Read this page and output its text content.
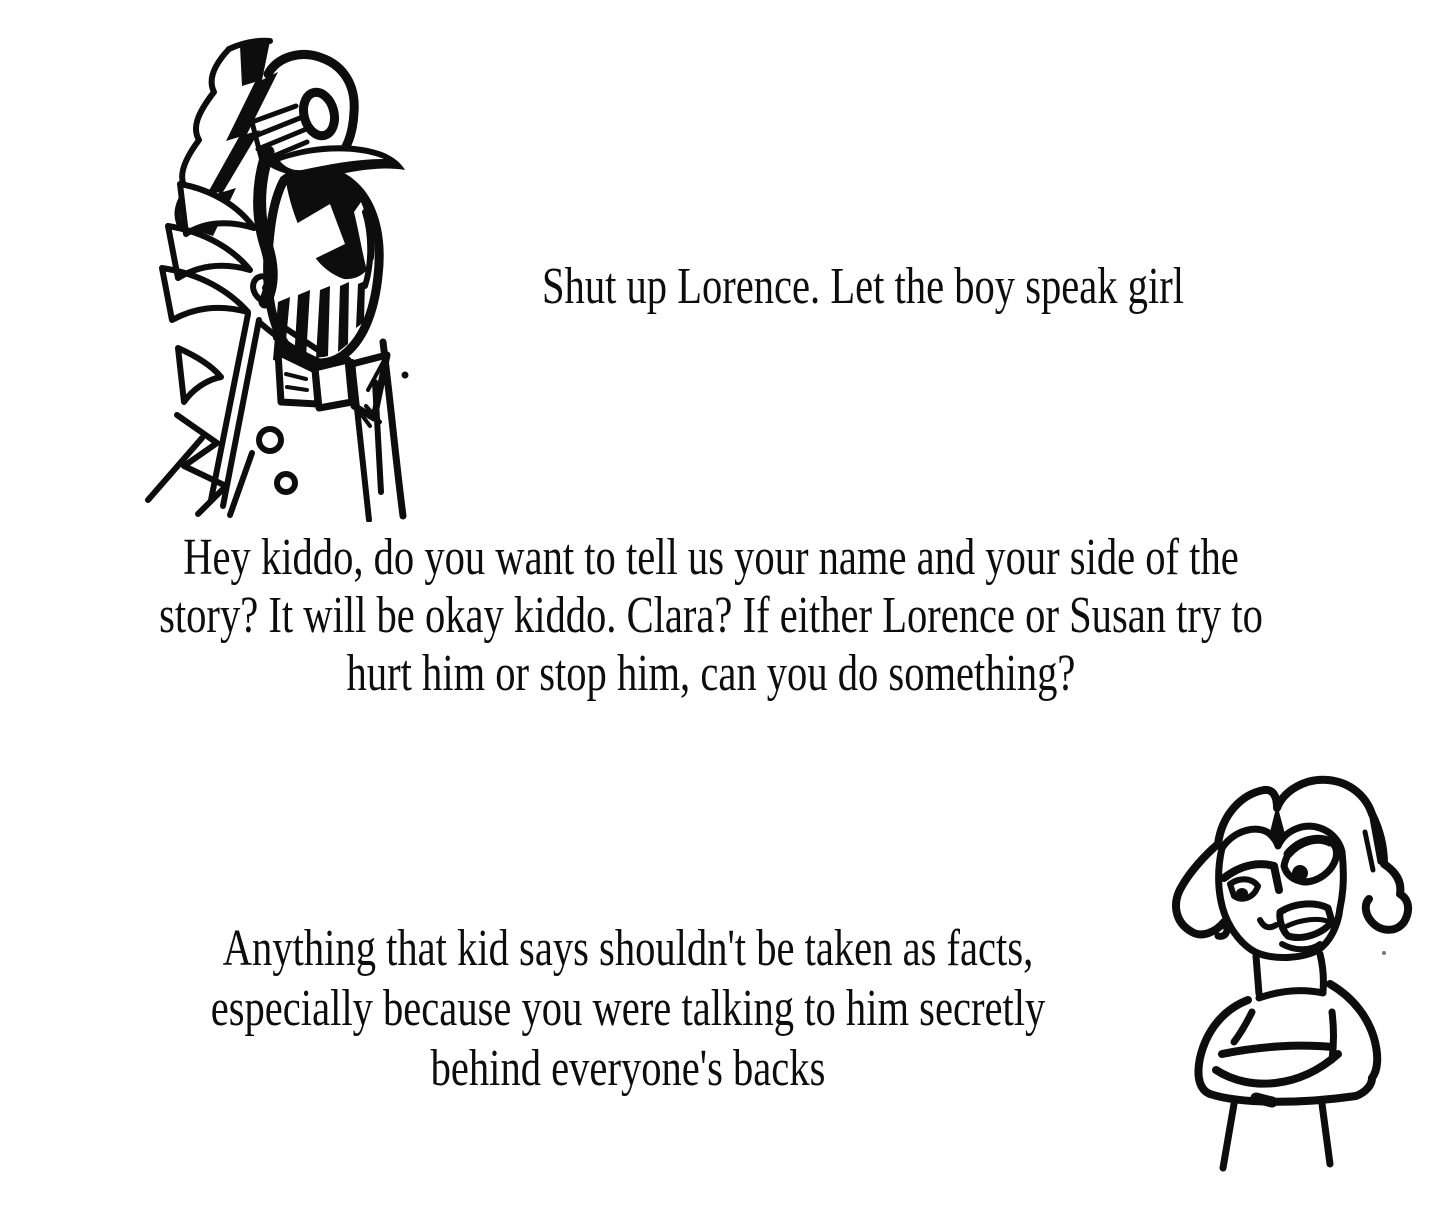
Shut up Lorence. Let the boy speak girl
Hey kiddo, do you want to tell us your name and your side of the
story? It will be okay kiddo. Clara? If either Lorence or Susan try to
hurt him or stop him, can you do something?
Anything that kid says shouldn't be taken as facts,
especially because you were talking to him secretly
behind everyone's backs
